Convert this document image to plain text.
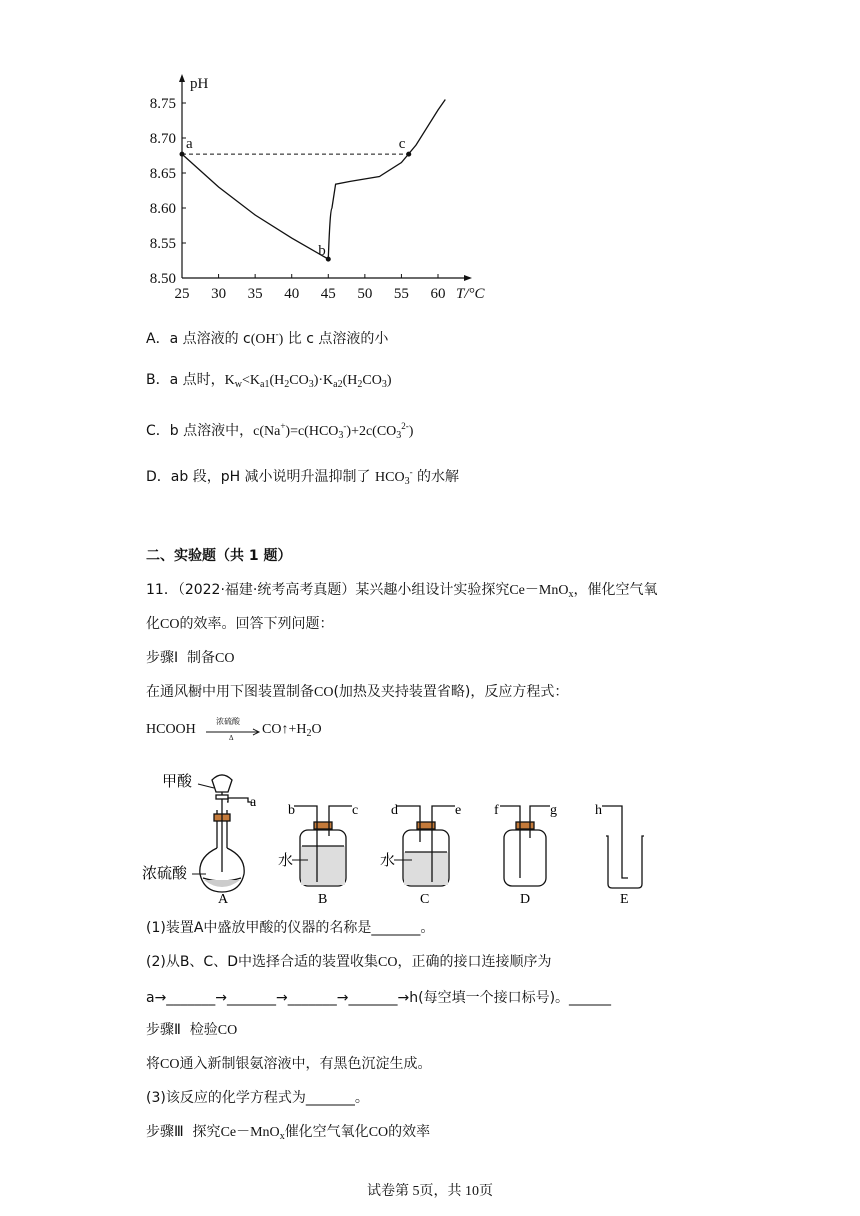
25 30 35 40 45 50 55 60
8.50
8.55
8.60
8.65
8.70
8.75
pH
T/°C
a
b
c
A．a 点溶液的 c(OH-) 比 c 点溶液的小
B．a 点时，$K_w<K_{a1}(H_2CO_3)\cdot K_{a2}(H_2CO_3)$
C．b 点溶液中，$c(Na^+)=c(HCO_3^-)+2c(CO_3^{2-})$
D．ab 段，pH 减小说明升温抑制了 $HCO_3^-$ 的水解
二、实验题（共 1 题）
11．（2022·福建·统考高考真题）某兴趣小组设计实验探究Ce－MnO$_x$，催化空气氧
化CO的效率。回答下列问题：
步骤Ⅰ  制备CO
在通风橱中用下图装置制备CO(加热及夹持装置省略)，反应方程式：
HCOOH
浓硫酸
Δ
$CO↑+H_2O$
甲酸
浓硫酸
a
A
b	c
水
B
d	e
水
C
f	g
D
h
E
(1)装置A中盛放甲酸的仪器的名称是_______。
(2)从B、C、D中选择合适的装置收集CO，正确的接口连接顺序为
a→_______→_______→_______→_______→h(每空填一个接口标号)。______
步骤Ⅱ  检验CO
将CO通入新制银氨溶液中，有黑色沉淀生成。
(3)该反应的化学方程式为_______。
步骤Ⅲ  探究Ce－MnO$_x$催化空气氧化CO的效率
试卷第 5页，共 10页
